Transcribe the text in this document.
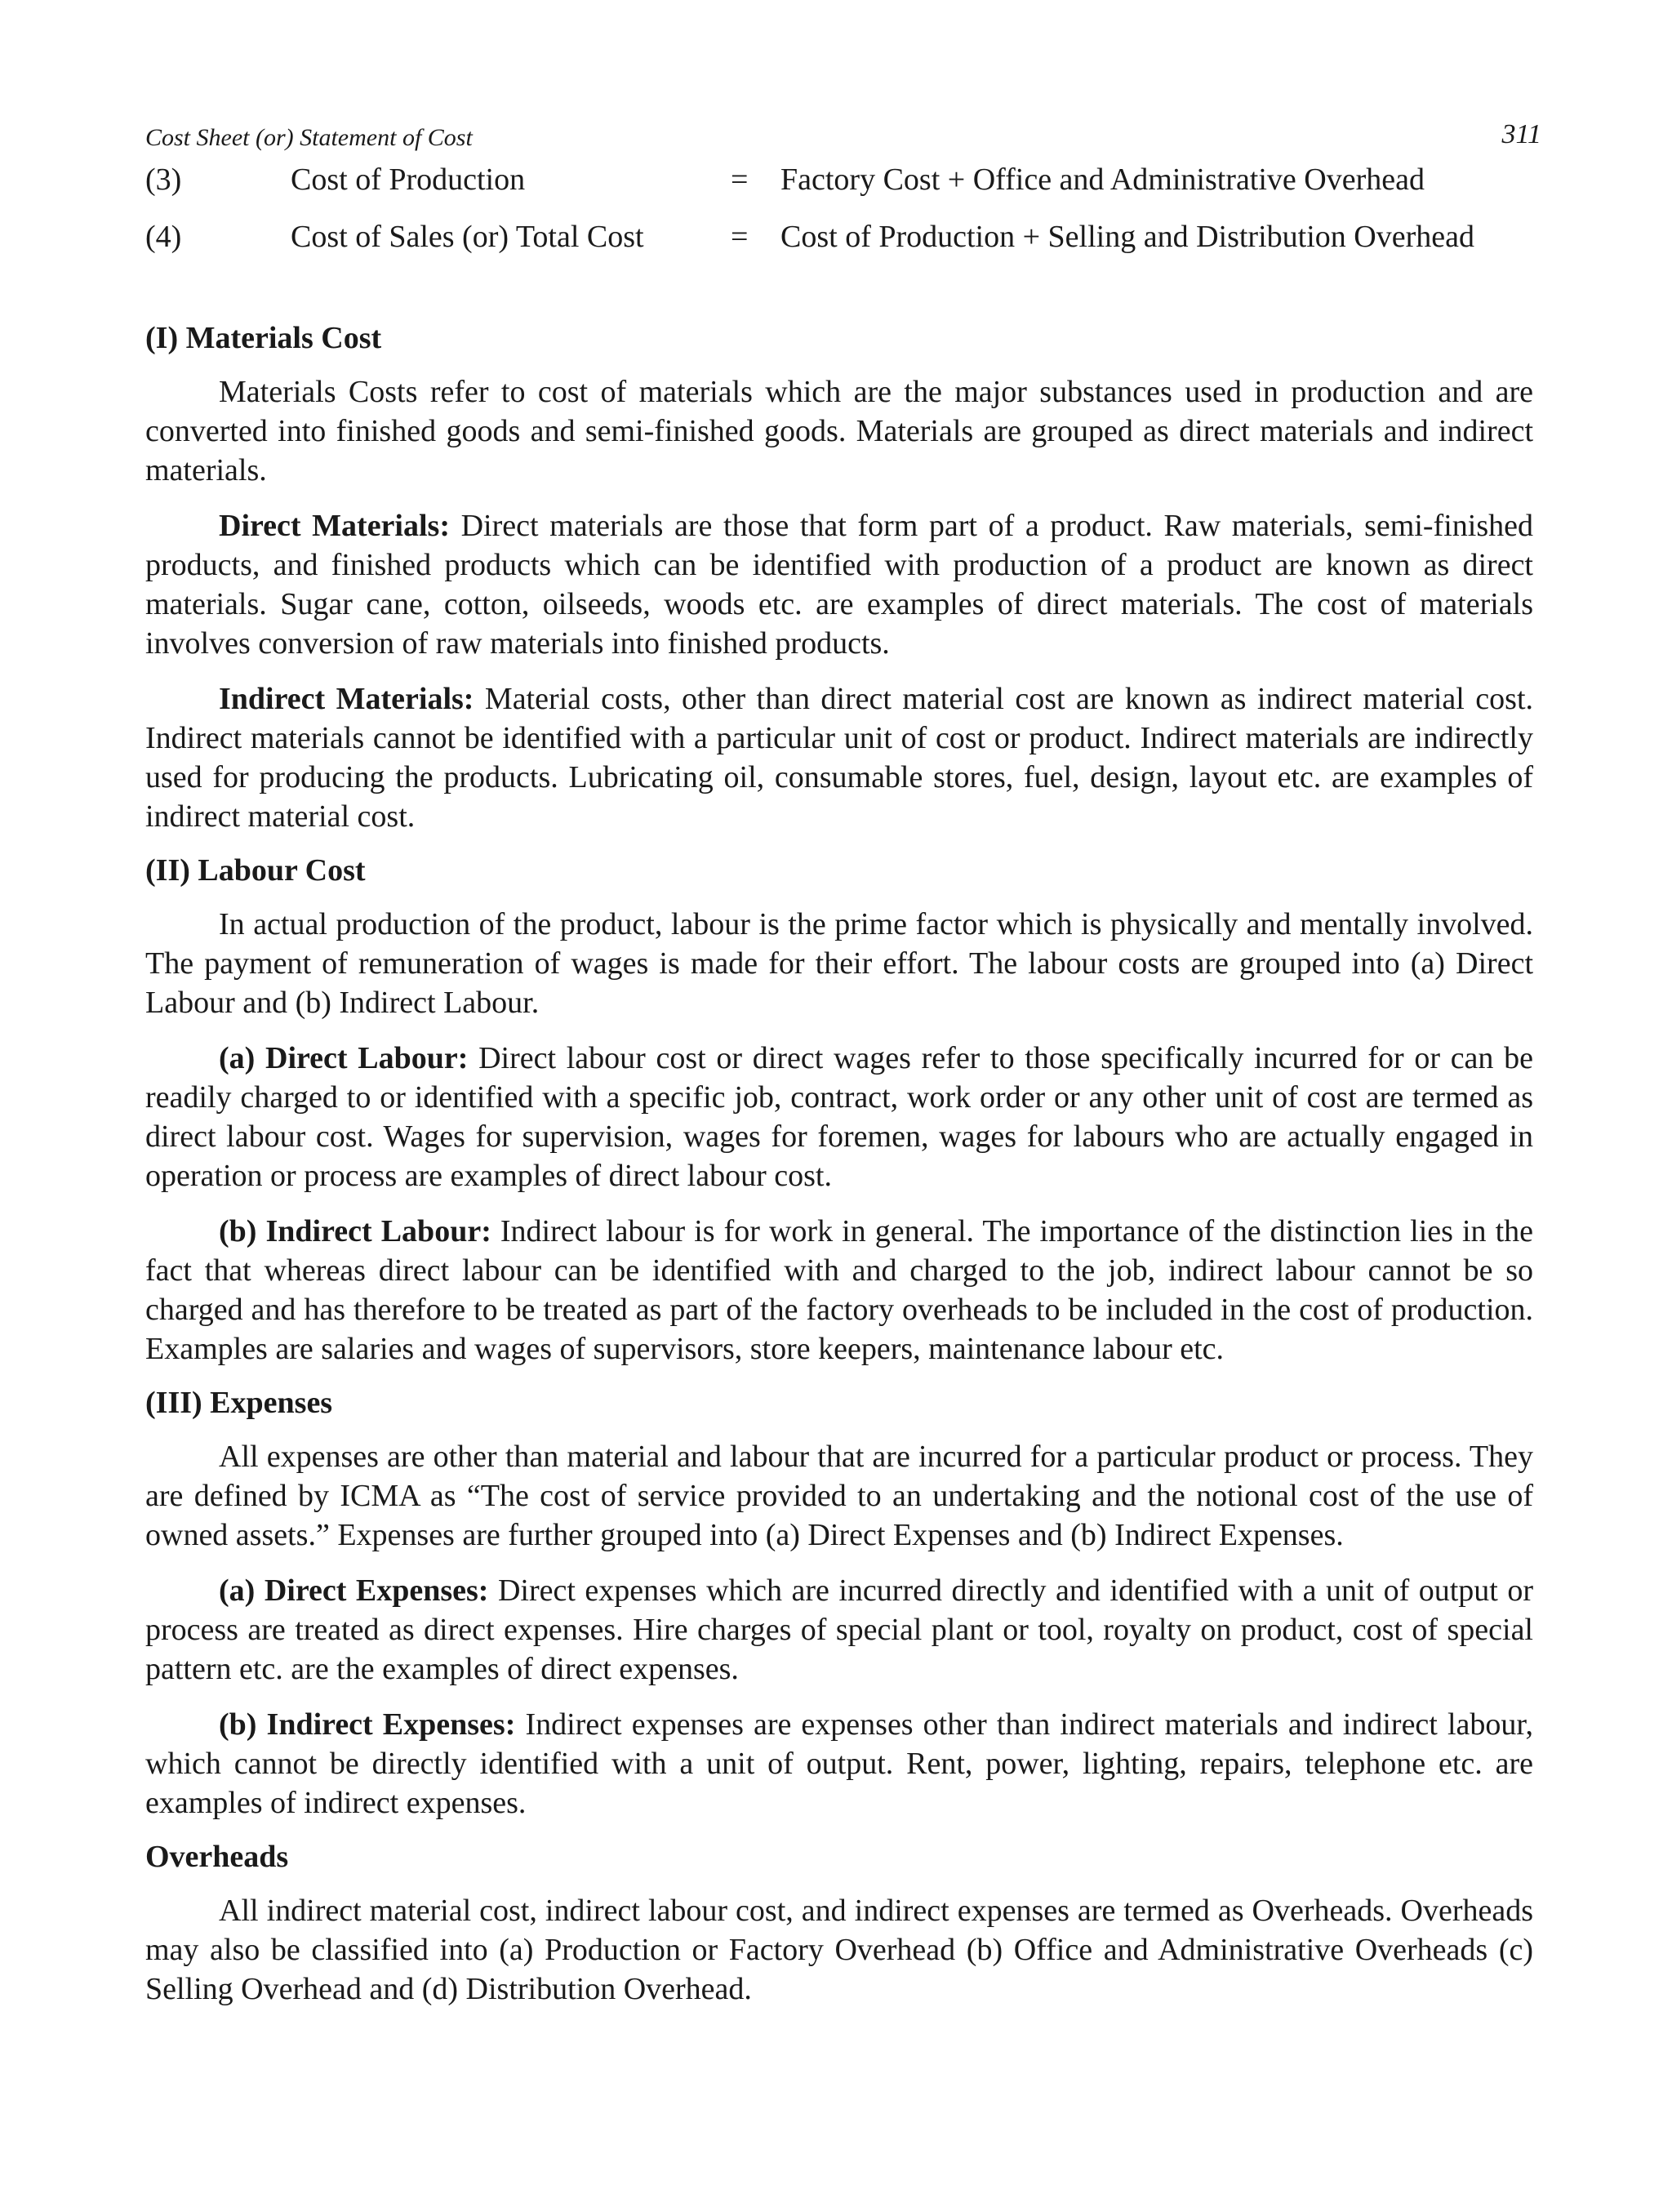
Cost Sheet (or) Statement of Cost	311
(3)	Cost of Production	= Factory Cost + Office and Administrative Overhead
(4)	Cost of Sales (or) Total Cost	= Cost of Production + Selling and Distribution Overhead
(I) Materials Cost

Materials Costs refer to cost of materials which are the major substances used in production and are converted into finished goods and semi-finished goods. Materials are grouped as direct materials and indirect materials.

Direct Materials: Direct materials are those that form part of a product. Raw materials, semi-finished products, and finished products which can be identified with production of a product are known as direct materials. Sugar cane, cotton, oilseeds, woods etc. are examples of direct materials. The cost of materials involves conversion of raw materials into finished products.

Indirect Materials: Material costs, other than direct material cost are known as indirect material cost. Indirect materials cannot be identified with a particular unit of cost or product. Indirect materials are indirectly used for producing the products. Lubricating oil, consumable stores, fuel, design, layout etc. are examples of indirect material cost.

(II) Labour Cost

In actual production of the product, labour is the prime factor which is physically and mentally involved. The payment of remuneration of wages is made for their effort. The labour costs are grouped into (a) Direct Labour and (b) Indirect Labour.

(a) Direct Labour: Direct labour cost or direct wages refer to those specifically incurred for or can be readily charged to or identified with a specific job, contract, work order or any other unit of cost are termed as direct labour cost. Wages for supervision, wages for foremen, wages for labours who are actually engaged in operation or process are examples of direct labour cost.

(b) Indirect Labour: Indirect labour is for work in general. The importance of the distinction lies in the fact that whereas direct labour can be identified with and charged to the job, indirect labour cannot be so charged and has therefore to be treated as part of the factory overheads to be included in the cost of production. Examples are salaries and wages of supervisors, store keepers, maintenance labour etc.

(III) Expenses

All expenses are other than material and labour that are incurred for a particular product or process. They are defined by ICMA as “The cost of service provided to an undertaking and the notional cost of the use of owned assets.” Expenses are further grouped into (a) Direct Expenses and (b) Indirect Expenses.

(a) Direct Expenses: Direct expenses which are incurred directly and identified with a unit of output or process are treated as direct expenses. Hire charges of special plant or tool, royalty on product, cost of special pattern etc. are the examples of direct expenses.

(b) Indirect Expenses: Indirect expenses are expenses other than indirect materials and indirect labour, which cannot be directly identified with a unit of output. Rent, power, lighting, repairs, telephone etc. are examples of indirect expenses.

Overheads

All indirect material cost, indirect labour cost, and indirect expenses are termed as Overheads. Overheads may also be classified into (a) Production or Factory Overhead (b) Office and Administrative Overheads (c) Selling Overhead and (d) Distribution Overhead.
